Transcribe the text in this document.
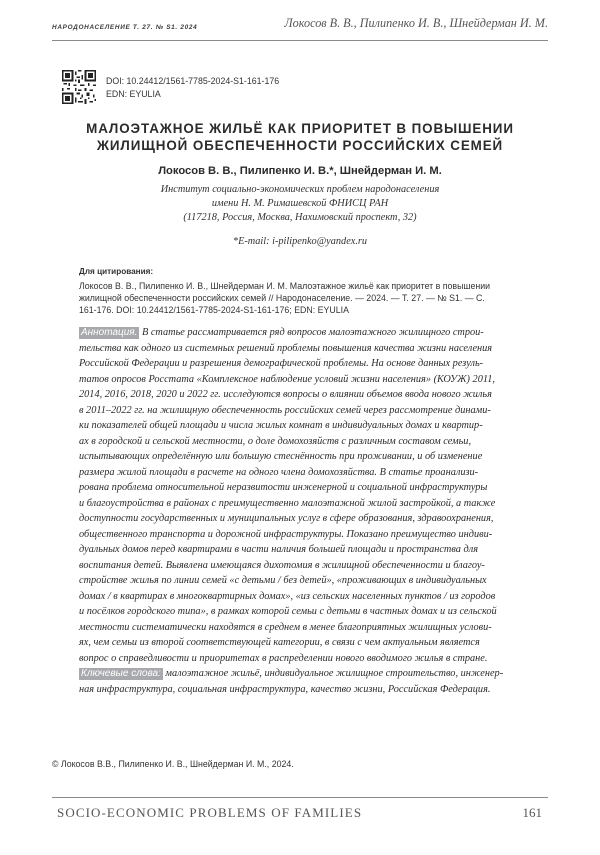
НАРОДОНАСЕЛЕНИЕ Т. 27. № S1. 2024	Локосов В. В., Пилипенко И. В., Шнейдерман И. М.
DOI: 10.24412/1561-7785-2024-S1-161-176
EDN: EYULIA
МАЛОЭТАЖНОЕ ЖИЛЬЁ КАК ПРИОРИТЕТ В ПОВЫШЕНИИ
ЖИЛИЩНОЙ ОБЕСПЕЧЕННОСТИ РОССИЙСКИХ СЕМЕЙ
Локосов В. В., Пилипенко И. В.*, Шнейдерман И. М.
Институт социально-экономических проблем народонаселения
имени Н. М. Римашевской ФНИСЦ РАН
(117218, Россия, Москва, Нахимовский проспект, 32)
*E-mail: i-pilipenko@yandex.ru
Для цитирования:
Локосов В. В., Пилипенко И. В., Шнейдерман И. М. Малоэтажное жильё как приоритет в повышении
жилищной обеспеченности российских семей // Народонаселение. — 2024. — Т. 27. — № S1. — С.
161-176. DOI: 10.24412/1561-7785-2024-S1-161-176; EDN: EYULIA
Аннотация. В статье рассматривается ряд вопросов малоэтажного жилищного строи-
тельства как одного из системных решений проблемы повышения качества жизни населения
Российской Федерации и разрешения демографической проблемы. На основе данных резуль-
татов опросов Росстата «Комплексное наблюдение условий жизни населения» (КОУЖ) 2011,
2014, 2016, 2018, 2020 и 2022 гг. исследуются вопросы о влиянии объемов ввода нового жилья
в 2011–2022 гг. на жилищную обеспеченность российских семей через рассмотрение динами-
ки показателей общей площади и числа жилых комнат в индивидуальных домах и квартир-
ах в городской и сельской местности, о доле домохозяйств с различным составом семьи,
испытывающих определённую или большую стеснённость при проживании, и об изменение
размера жилой площади в расчете на одного члена домохозяйства. В статье проанализи-
рована проблема относительной неразвитости инженерной и социальной инфраструктуры
и благоустройства в районах с преимущественно малоэтажной жилой застройкой, а также
доступности государственных и муниципальных услуг в сфере образования, здравоохранения,
общественного транспорта и дорожной инфраструктуры. Показано преимущество индиви-
дуальных домов перед квартирами в части наличия большей площади и пространства для
воспитания детей. Выявлена имеющаяся дихотомия в жилищной обеспеченности и благоу-
стройстве жилья по линии семей «с детьми / без детей», «проживающих в индивидуальных
домах / в квартирах в многоквартирных домах», «из сельских населенных пунктов / из городов
и посёлков городского типа», в рамках которой семьи с детьми в частных домах и из сельской
местности систематически находятся в среднем в менее благоприятных жилищных услови-
ях, чем семьи из второй соответствующей категории, в связи с чем актуальным является
вопрос о справедливости и приоритетах в распределении нового вводимого жилья в стране.
Ключевые слова: малоэтажное жильё, индивидуальное жилищное строительство, инженер-
ная инфраструктура, социальная инфраструктура, качество жизни, Российская Федерация.
© Локосов В.В., Пилипенко И. В., Шнейдерман И. М., 2024.
SOCIO-ECONOMIC PROBLEMS OF FAMILIES	161
